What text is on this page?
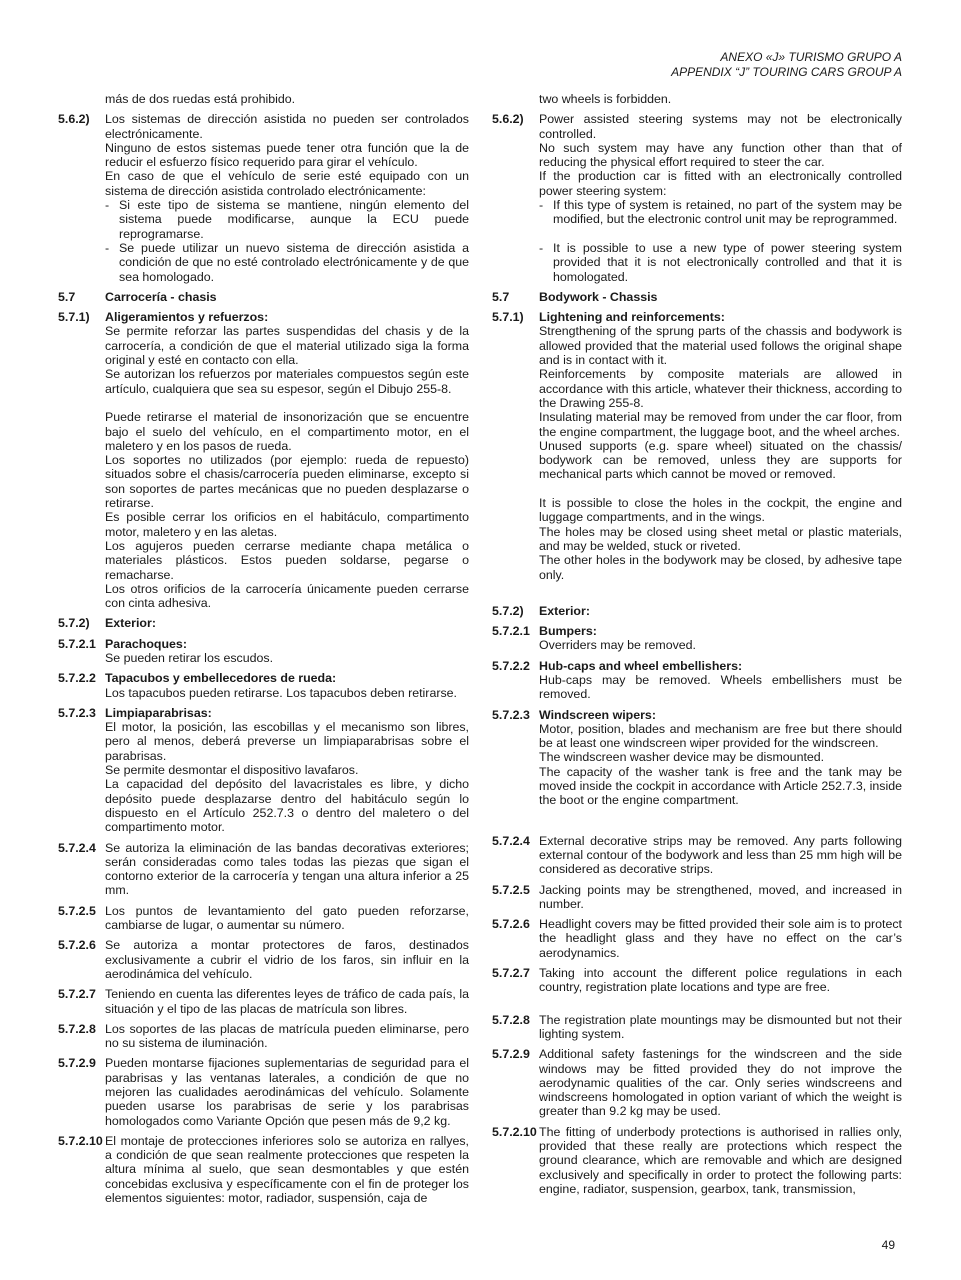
ANEXO «J» TURISMO GRUPO A
APPENDIX “J” TOURING CARS GROUP A

más de dos ruedas está prohibido.

5.6.2)	Los sistemas de dirección asistida no pueden ser controlados electrónicamente.

Ninguno de estos sistemas puede tener otra función que la de reducir el esfuerzo físico requerido para girar el vehículo.

En caso de que el vehículo de serie esté equipado con un sistema de dirección asistida controlado electrónicamente:

- Si este tipo de sistema se mantiene, ningún elemento del sistema puede modificarse, aunque la ECU puede reprogramarse.
- Se puede utilizar un nuevo sistema de dirección asistida a condición de que no esté controlado electrónicamente y de que sea homologado.
5.7	Carrocería - chasis

5.7.1)	Aligeramientos y refuerzos:

Se permite reforzar las partes suspendidas del chasis y de la carrocería, a condición de que el material utilizado siga la forma original y esté en contacto con ella.

Se autorizan los refuerzos por materiales compuestos según este artículo, cualquiera que sea su espesor, según el Dibujo 255-8.

Puede retirarse el material de insonorización que se encuentre bajo el suelo del vehículo, en el compartimento motor, en el maletero y en los pasos de rueda.

Los soportes no utilizados (por ejemplo: rueda de repuesto) situados sobre el chasis/carrocería pueden eliminarse, excepto si son soportes de partes mecánicas que no pueden desplazarse o retirarse.

Es posible cerrar los orificios en el habitáculo, compartimento motor, maletero y en las aletas.

Los agujeros pueden cerrarse mediante chapa metálica o materiales plásticos. Estos pueden soldarse, pegarse o remacharse.

Los otros orificios de la carrocería únicamente pueden cerrarse con cinta adhesiva.

5.7.2)	Exterior:

5.7.2.1 Parachoques:

Se pueden retirar los escudos.

5.7.2.2 Tapacubos y embellecedores de rueda:

Los tapacubos pueden retirarse. Los tapacubos deben retirarse.

5.7.2.3 Limpiaparabrisas:

El motor, la posición, las escobillas y el mecanismo son libres, pero al menos, deberá preverse un limpiaparabrisas sobre el parabrisas.

Se permite desmontar el dispositivo lavafaros.

La capacidad del depósito del lavacristales es libre, y dicho depósito puede desplazarse dentro del habitáculo según lo dispuesto en el Artículo 252.7.3 o dentro del maletero o del compartimento motor.

5.7.2.4 Se autoriza la eliminación de las bandas decorativas exteriores; serán consideradas como tales todas las piezas que sigan el contorno exterior de la carrocería y tengan una altura inferior a 25 mm.

5.7.2.5 Los puntos de levantamiento del gato pueden reforzarse, cambiarse de lugar, o aumentar su número.

5.7.2.6 Se autoriza a montar protectores de faros, destinados exclusivamente a cubrir el vidrio de los faros, sin influir en la aerodinámica del vehículo.

5.7.2.7 Teniendo en cuenta las diferentes leyes de tráfico de cada país, la situación y el tipo de las placas de matrícula son libres.

5.7.2.8 Los soportes de las placas de matrícula pueden eliminarse, pero no su sistema de iluminación.

5.7.2.9 Pueden montarse fijaciones suplementarias de seguridad para el parabrisas y las ventanas laterales, a condición de que no mejoren las cualidades aerodinámicas del vehículo. Solamente pueden usarse los parabrisas de serie y los parabrisas homologados como Variante Opción que pesen más de 9,2 kg.

5.7.2.10 El montaje de protecciones inferiores solo se autoriza en rallyes, a condición de que sean realmente protecciones que respeten la altura mínima al suelo, que sean desmontables y que estén concebidas exclusiva y específicamente con el fin de proteger los elementos siguientes: motor, radiador, suspensión, caja de

two wheels is forbidden.

5.6.2)	Power assisted steering systems may not be electronically controlled.

No such system may have any function other than that of reducing the physical effort required to steer the car.

If the production car is fitted with an electronically controlled power steering system:

- If this type of system is retained, no part of the system may be modified, but the electronic control unit may be reprogrammed.
- It is possible to use a new type of power steering system provided that it is not electronically controlled and that it is homologated.
5.7	Bodywork - Chassis

5.7.1)	Lightening and reinforcements:

Strengthening of the sprung parts of the chassis and bodywork is allowed provided that the material used follows the original shape and is in contact with it.

Reinforcements by composite materials are allowed in accordance with this article, whatever their thickness, according to the Drawing 255-8.

Insulating material may be removed from under the car floor, from the engine compartment, the luggage boot, and the wheel arches.

Unused supports (e.g. spare wheel) situated on the chassis/ bodywork can be removed, unless they are supports for mechanical parts which cannot be moved or removed.

It is possible to close the holes in the cockpit, the engine and luggage compartments, and in the wings.

The holes may be closed using sheet metal or plastic materials, and may be welded, stuck or riveted.

The other holes in the bodywork may be closed, by adhesive tape only.

5.7.2)	Exterior:

5.7.2.1 Bumpers:

Overriders may be removed.

5.7.2.2 Hub-caps and wheel embellishers:

Hub-caps may be removed. Wheels embellishers must be removed.

5.7.2.3 Windscreen wipers:

Motor, position, blades and mechanism are free but there should be at least one windscreen wiper provided for the windscreen.

The windscreen washer device may be dismounted.

The capacity of the washer tank is free and the tank may be moved inside the cockpit in accordance with Article 252.7.3, inside the boot or the engine compartment.

5.7.2.4 External decorative strips may be removed. Any parts following external contour of the bodywork and less than 25 mm high will be considered as decorative strips.

5.7.2.5 Jacking points may be strengthened, moved, and increased in number.

5.7.2.6 Headlight covers may be fitted provided their sole aim is to protect the headlight glass and they have no effect on the car’s aerodynamics.

5.7.2.7 Taking into account the different police regulations in each country, registration plate locations and type are free.

5.7.2.8 The registration plate mountings may be dismounted but not their lighting system.

5.7.2.9 Additional safety fastenings for the windscreen and the side windows may be fitted provided they do not improve the aerodynamic qualities of the car. Only series windscreens and windscreens homologated in option variant of which the weight is greater than 9.2 kg may be used.

5.7.2.10 The fitting of underbody protections is authorised in rallies only, provided that these really are protections which respect the ground clearance, which are removable and which are designed exclusively and specifically in order to protect the following parts: engine, radiator, suspension, gearbox, tank, transmission,

49
